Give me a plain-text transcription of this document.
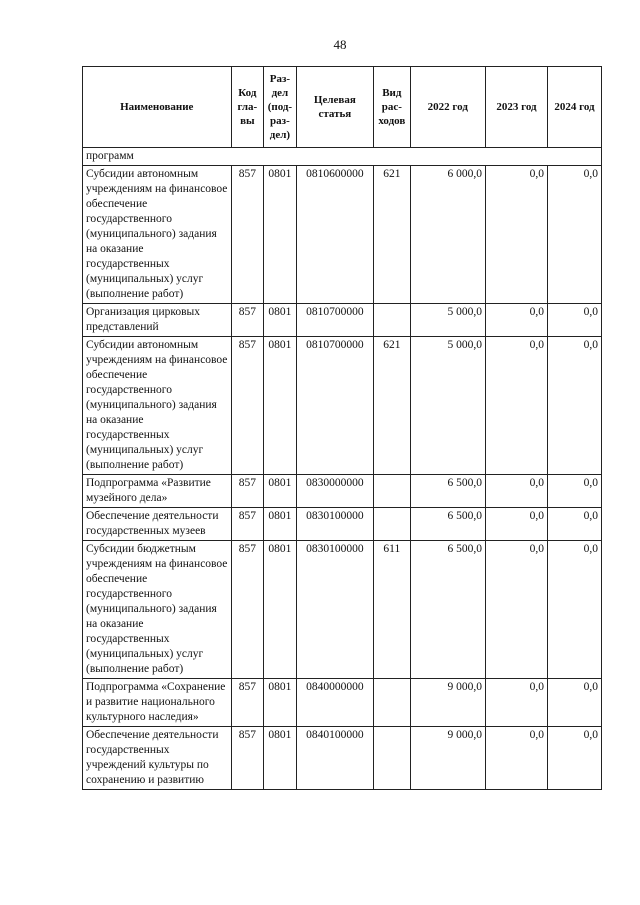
48
Наименование	Код гла- вы	Раз- дел (под- раз- дел)	Целевая статья	Вид рас- ходов	2022 год	2023 год	2024 год
программ							
Субсидии автономным учреждениям на финансовое обеспечение государственного (муниципального) задания на оказание государственных (муниципальных) услуг (выполнение работ)	857	0801	0810600000	621	6 000,0	0,0	0,0
Организация цирковых представлений	857	0801	0810700000		5 000,0	0,0	0,0
Субсидии автономным учреждениям на финансовое обеспечение государственного (муниципального) задания на оказание государственных (муниципальных) услуг (выполнение работ)	857	0801	0810700000	621	5 000,0	0,0	0,0
Подпрограмма «Развитие музейного дела»	857	0801	0830000000		6 500,0	0,0	0,0
Обеспечение деятельности государственных музеев	857	0801	0830100000		6 500,0	0,0	0,0
Субсидии бюджетным учреждениям на финансовое обеспечение государственного (муниципального) задания на оказание государственных (муниципальных) услуг (выполнение работ)	857	0801	0830100000	611	6 500,0	0,0	0,0
Подпрограмма «Сохранение и развитие национального культурного наследия»	857	0801	0840000000		9 000,0	0,0	0,0
Обеспечение деятельности государственных учреждений культуры по сохранению и развитию	857	0801	0840100000		9 000,0	0,0	0,0
